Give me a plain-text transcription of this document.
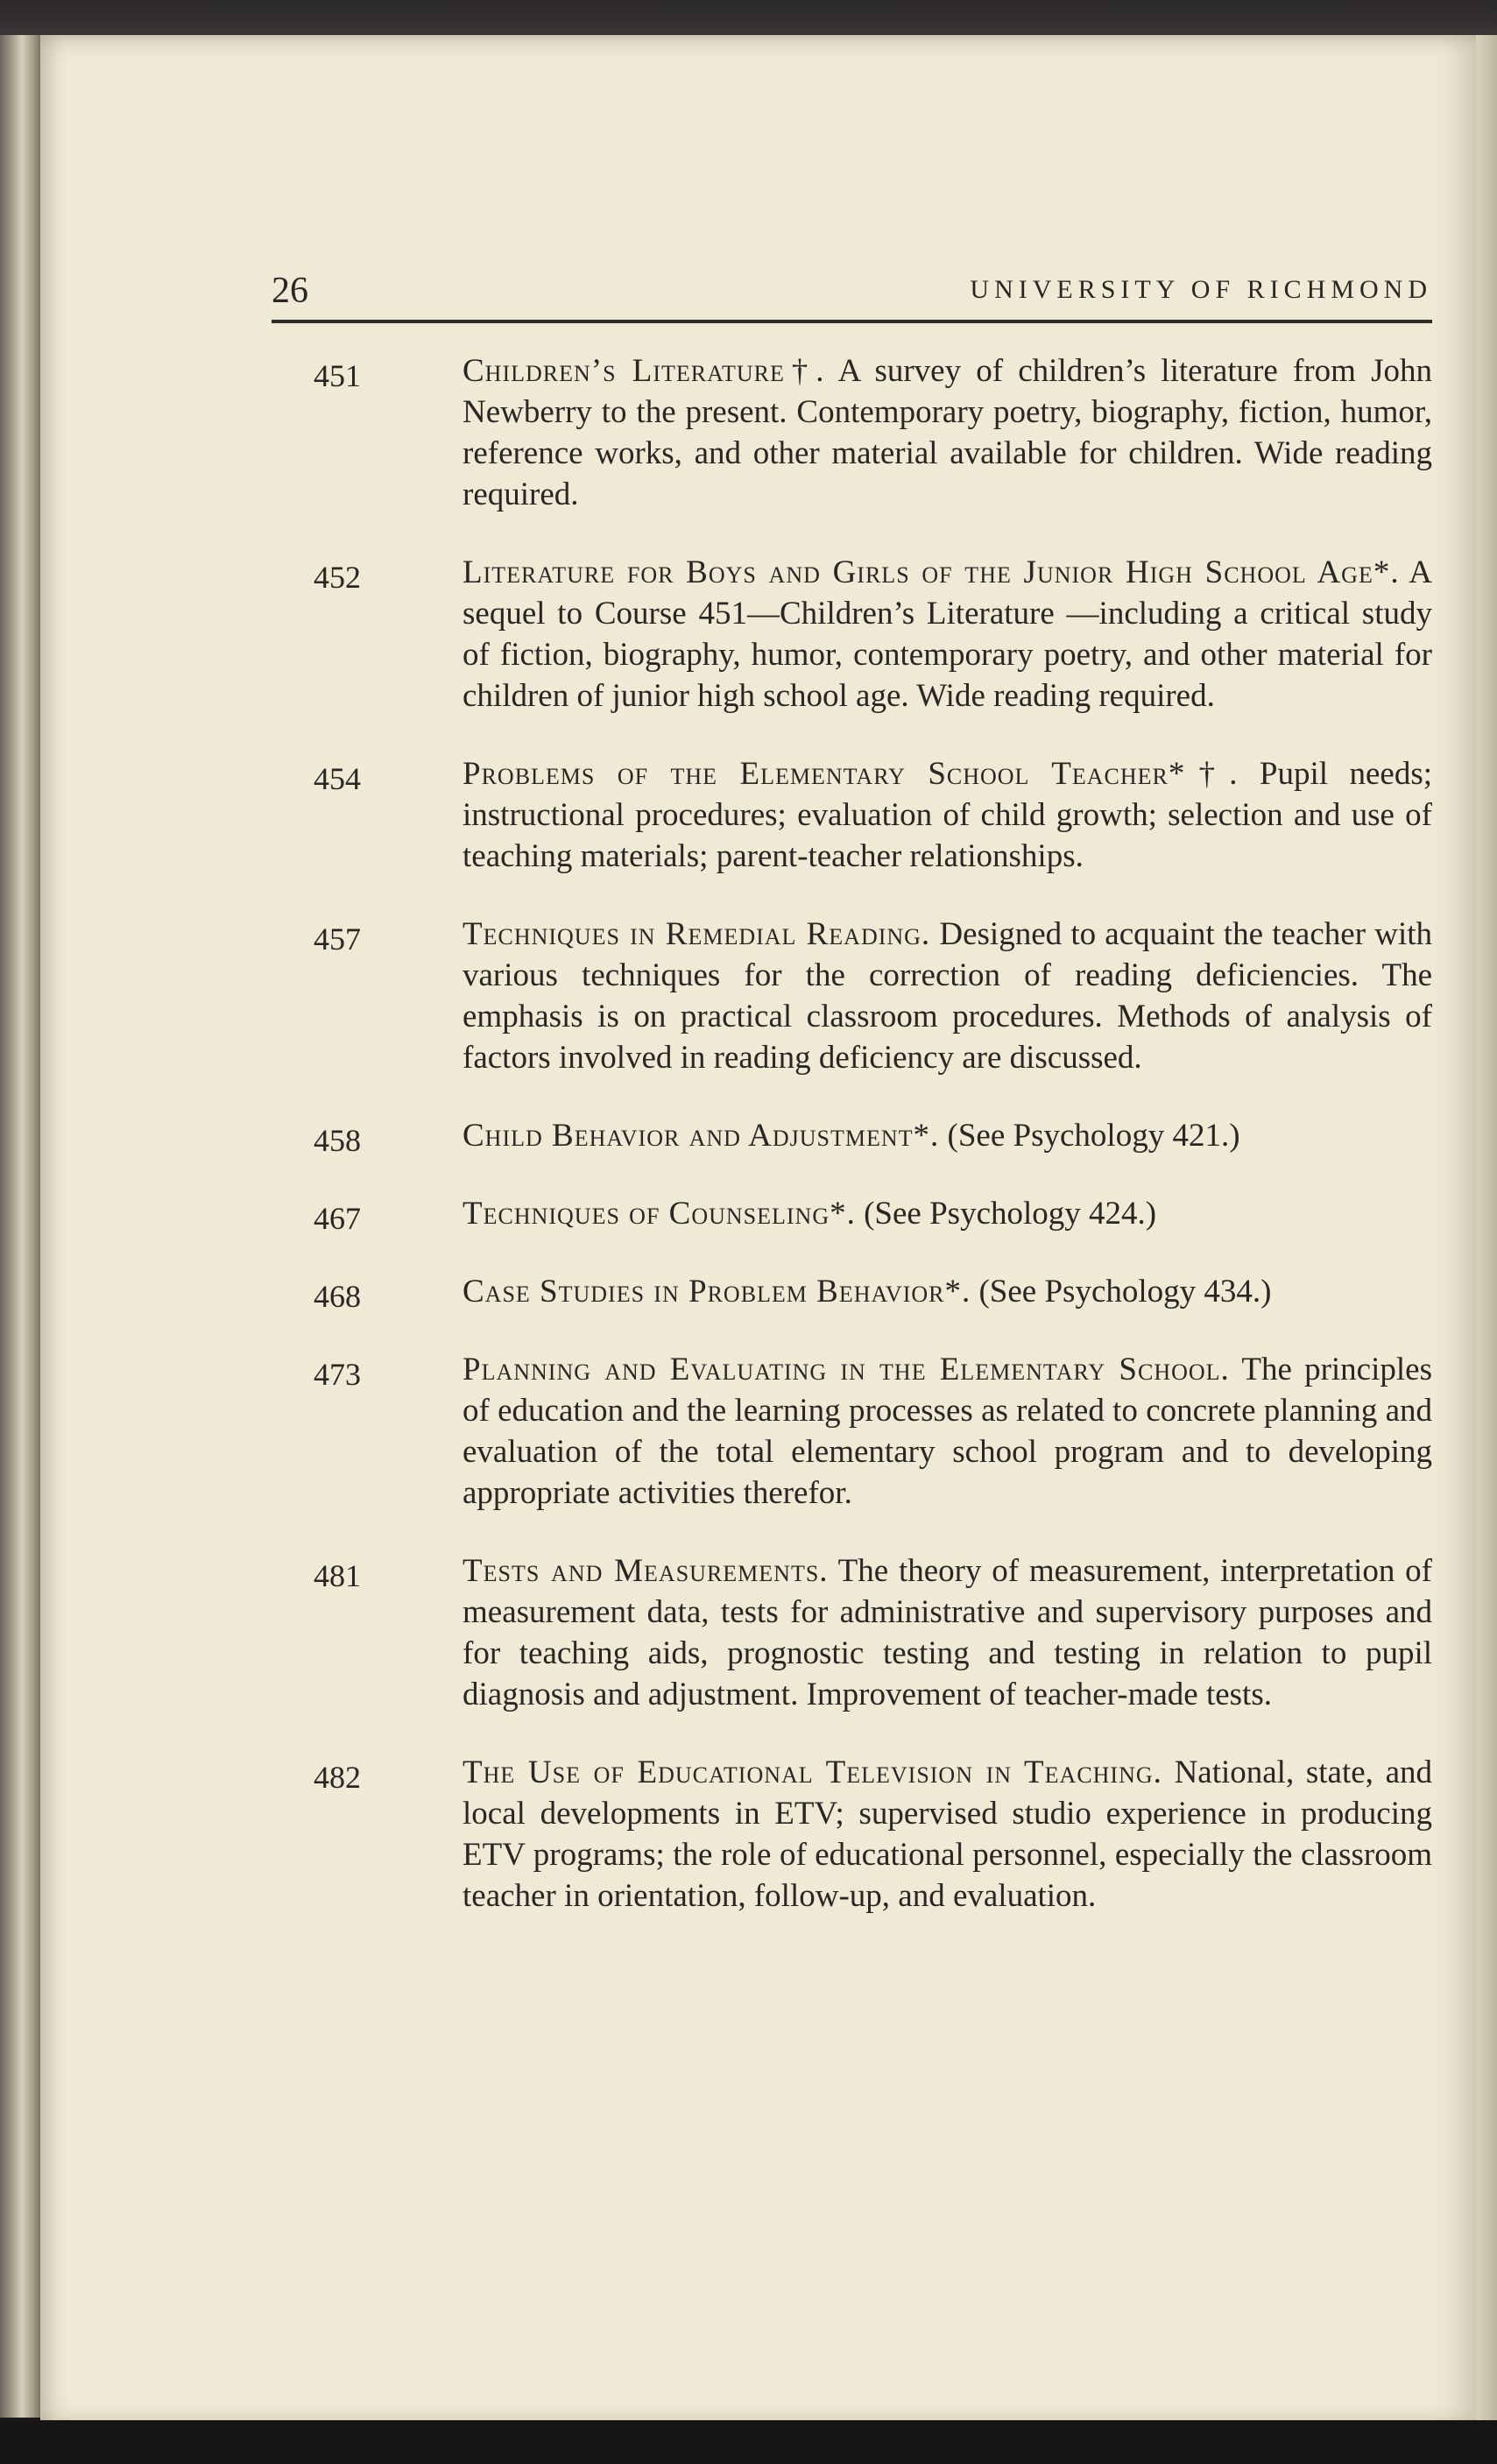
26	UNIVERSITY OF RICHMOND
451	Children’s Literature†. A survey of children’s literature from John Newberry to the present. Contemporary poetry, biography, fiction, humor, reference works, and other material available for children. Wide reading required.
452	Literature for Boys and Girls of the Junior High School Age*. A sequel to Course 451—Children’s Literature —including a critical study of fiction, biography, humor, contemporary poetry, and other material for children of junior high school age. Wide reading required.
454	Problems of the Elementary School Teacher*†. Pupil needs; instructional procedures; evaluation of child growth; selection and use of teaching materials; parent-teacher relationships.
457	Techniques in Remedial Reading. Designed to acquaint the teacher with various techniques for the correction of reading deficiencies. The emphasis is on practical classroom procedures. Methods of analysis of factors involved in reading deficiency are discussed.
458	Child Behavior and Adjustment*. (See Psychology 421.)
467	Techniques of Counseling*. (See Psychology 424.)
468	Case Studies in Problem Behavior*. (See Psychology 434.)
473	Planning and Evaluating in the Elementary School. The principles of education and the learning processes as related to concrete planning and evaluation of the total elementary school program and to developing appropriate activities therefor.
481	Tests and Measurements. The theory of measurement, interpretation of measurement data, tests for administrative and supervisory purposes and for teaching aids, prognostic testing and testing in relation to pupil diagnosis and adjustment. Improvement of teacher-made tests.
482	The Use of Educational Television in Teaching. National, state, and local developments in ETV; supervised studio experience in producing ETV programs; the role of educational personnel, especially the classroom teacher in orientation, follow-up, and evaluation.
